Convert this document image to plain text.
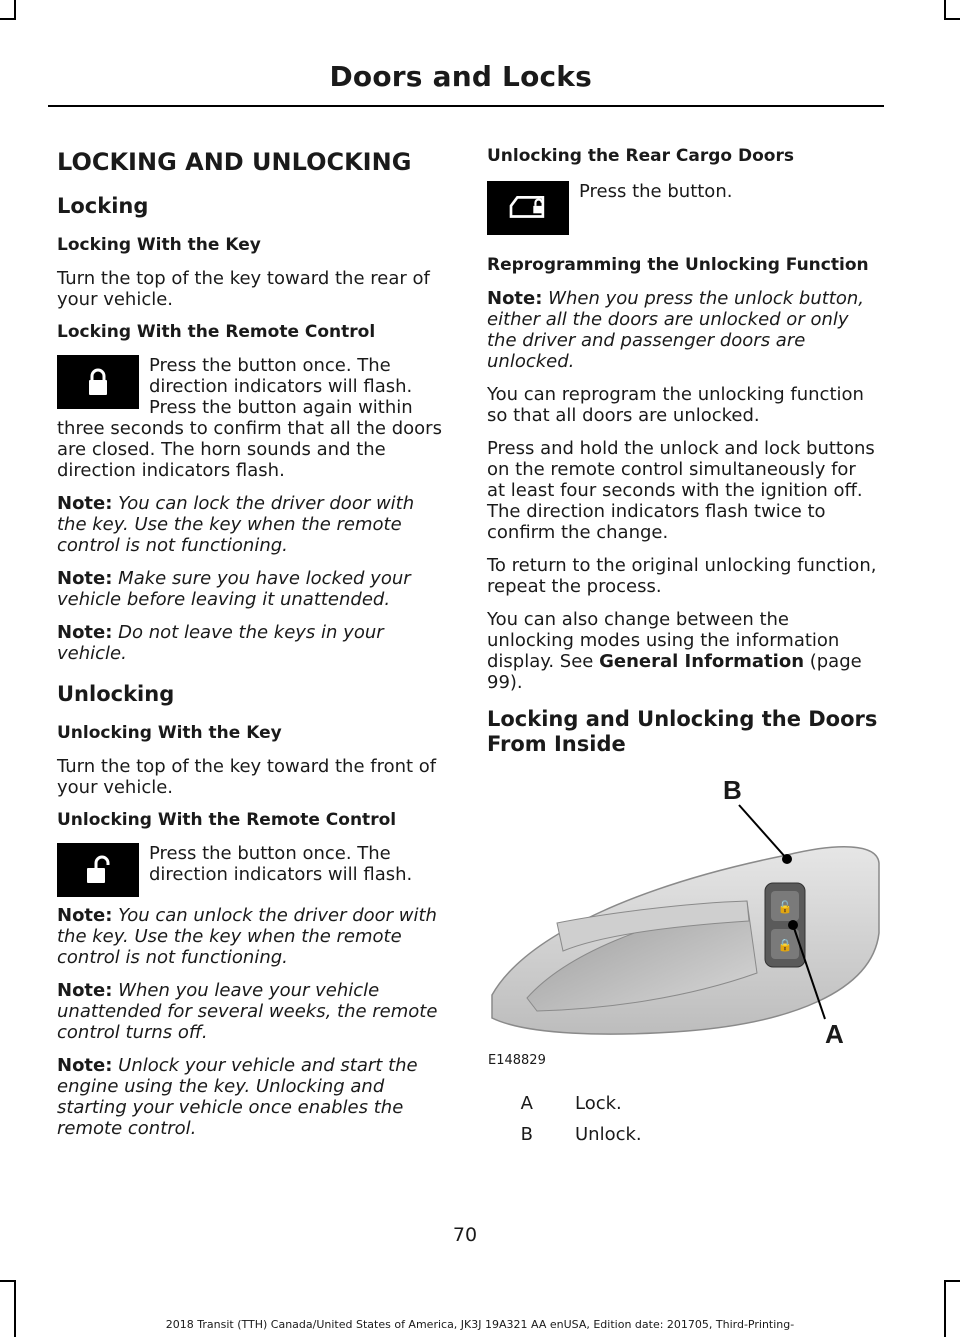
Doors and Locks
LOCKING AND UNLOCKING
Locking
Locking With the Key

Turn the top of the key toward the rear of your vehicle.

Locking With the Remote Control

Press the button once. The direction indicators will flash. Press the button again within three seconds to confirm that all the doors are closed. The horn sounds and the direction indicators flash.

Note: You can lock the driver door with the key. Use the key when the remote control is not functioning.

Note: Make sure you have locked your vehicle before leaving it unattended.

Note: Do not leave the keys in your vehicle.

Unlocking
Unlocking With the Key

Turn the top of the key toward the front of your vehicle.

Unlocking With the Remote Control

Press the button once. The direction indicators will flash.

Note: You can unlock the driver door with the key. Use the key when the remote control is not functioning.

Note: When you leave your vehicle unattended for several weeks, the remote control turns off.

Note: Unlock your vehicle and start the engine using the key. Unlocking and starting your vehicle once enables the remote control.

Unlocking the Rear Cargo Doors

Press the button.

Reprogramming the Unlocking Function

Note: When you press the unlock button, either all the doors are unlocked or only the driver and passenger doors are unlocked.

You can reprogram the unlocking function so that all doors are unlocked.

Press and hold the unlock and lock buttons on the remote control simultaneously for at least four seconds with the ignition off. The direction indicators flash twice to confirm the change.

To return to the original unlocking function, repeat the process.

You can also change between the unlocking modes using the information display. See General Information (page 99).

Locking and Unlocking the Doors From Inside
🔓
🔒
B
A
E148829
A Lock.
B Unlock.
70
2018 Transit (TTH) Canada/United States of America, JK3J 19A321 AA enUSA, Edition date: 201705, Third-Printing-
